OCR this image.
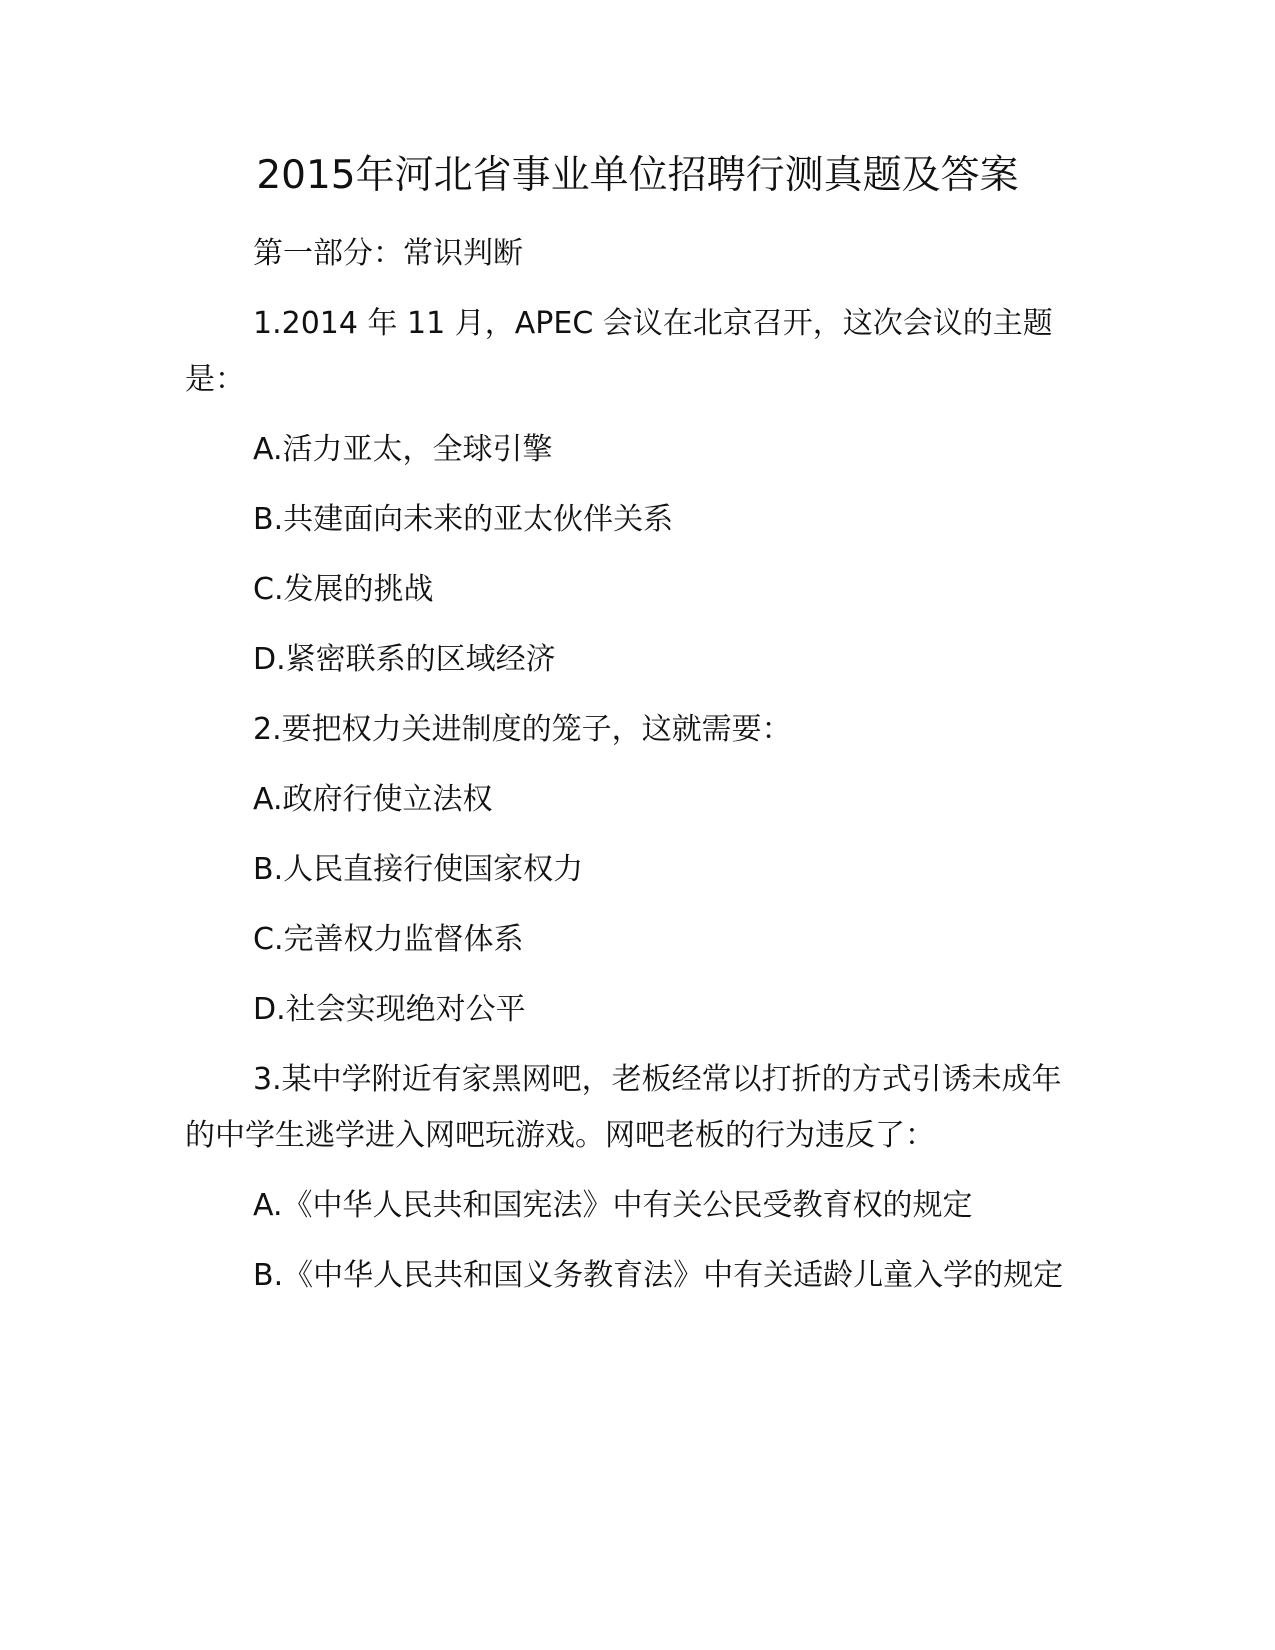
2015年河北省事业单位招聘行测真题及答案

第一部分：常识判断

1.2014 年 11 月，APEC 会议在北京召开，这次会议的主题是：

A.活力亚太，全球引擎

B.共建面向未来的亚太伙伴关系

C.发展的挑战

D.紧密联系的区域经济

2.要把权力关进制度的笼子，这就需要：

A.政府行使立法权

B.人民直接行使国家权力

C.完善权力监督体系

D.社会实现绝对公平

3.某中学附近有家黑网吧，老板经常以打折的方式引诱未成年的中学生逃学进入网吧玩游戏。网吧老板的行为违反了：

A.《中华人民共和国宪法》中有关公民受教育权的规定

B.《中华人民共和国义务教育法》中有关适龄儿童入学的规定
